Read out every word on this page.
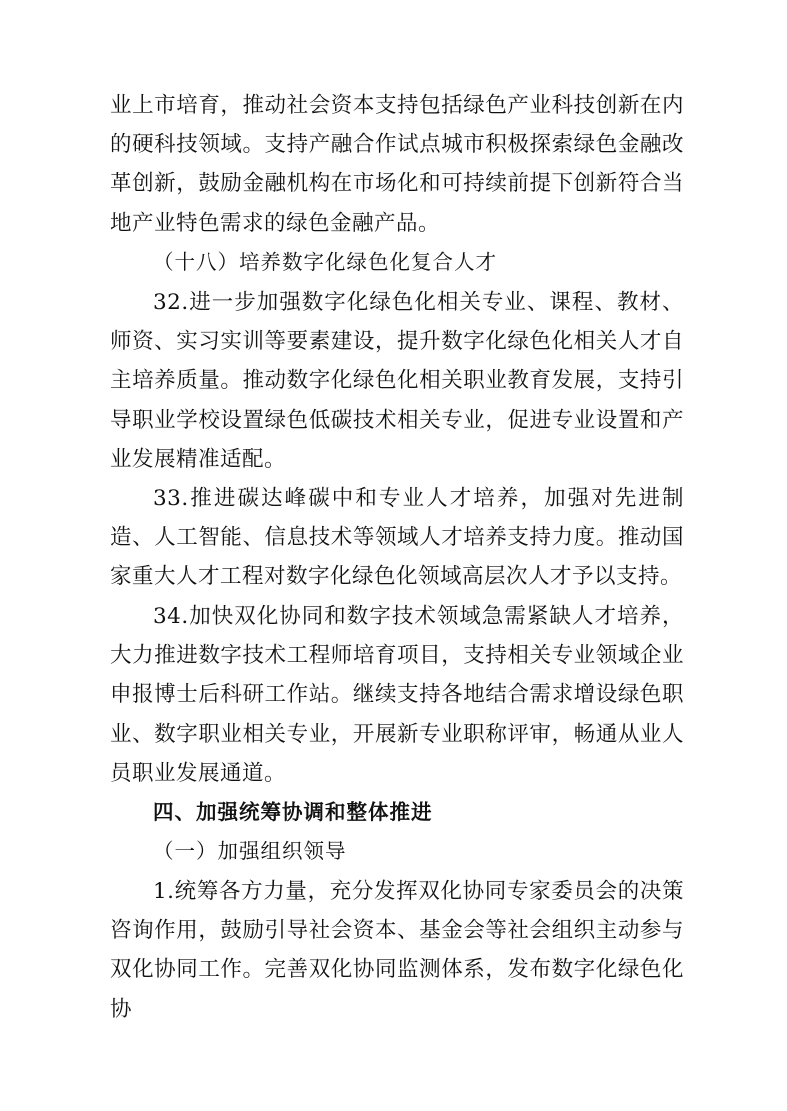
业上市培育，推动社会资本支持包括绿色产业科技创新在内的硬科技领域。支持产融合作试点城市积极探索绿色金融改革创新，鼓励金融机构在市场化和可持续前提下创新符合当地产业特色需求的绿色金融产品。

（十八）培养数字化绿色化复合人才

32.进一步加强数字化绿色化相关专业、课程、教材、师资、实习实训等要素建设，提升数字化绿色化相关人才自主培养质量。推动数字化绿色化相关职业教育发展，支持引导职业学校设置绿色低碳技术相关专业，促进专业设置和产业发展精准适配。

33.推进碳达峰碳中和专业人才培养，加强对先进制造、人工智能、信息技术等领域人才培养支持力度。推动国家重大人才工程对数字化绿色化领域高层次人才予以支持。

34.加快双化协同和数字技术领域急需紧缺人才培养，大力推进数字技术工程师培育项目，支持相关专业领域企业申报博士后科研工作站。继续支持各地结合需求增设绿色职业、数字职业相关专业，开展新专业职称评审，畅通从业人员职业发展通道。

四、加强统筹协调和整体推进

（一）加强组织领导

1.统筹各方力量，充分发挥双化协同专家委员会的决策咨询作用，鼓励引导社会资本、基金会等社会组织主动参与双化协同工作。完善双化协同监测体系，发布数字化绿色化协
